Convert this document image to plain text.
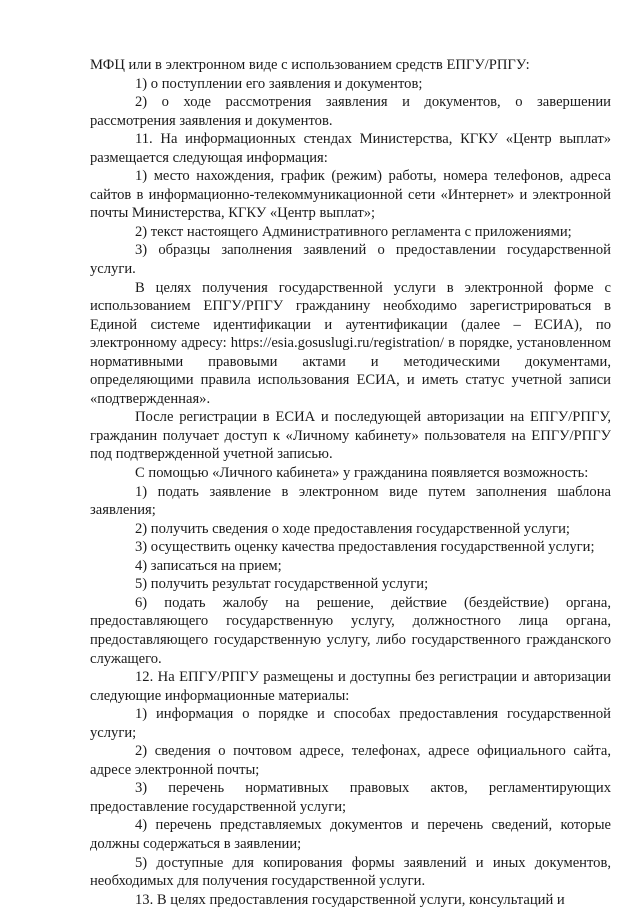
МФЦ или в электронном виде с использованием средств ЕПГУ/РПГУ:

1) о поступлении его заявления и документов;

2) о ходе рассмотрения заявления и документов, о завершении рассмотрения заявления и документов.

11. На информационных стендах Министерства, КГКУ «Центр выплат» размещается следующая информация:

1) место нахождения, график (режим) работы, номера телефонов, адреса сайтов в информационно-телекоммуникационной сети «Интернет» и электронной почты Министерства, КГКУ «Центр выплат»;

2) текст настоящего Административного регламента с приложениями;

3) образцы заполнения заявлений о предоставлении государственной услуги.

В целях получения государственной услуги в электронной форме с использованием ЕПГУ/РПГУ гражданину необходимо зарегистрироваться в Единой системе идентификации и аутентификации (далее – ЕСИА), по электронному адресу: https://esia.gosuslugi.ru/registration/ в порядке, установленном нормативными правовыми актами и методическими документами, определяющими правила использования ЕСИА, и иметь статус учетной записи «подтвержденная».

После регистрации в ЕСИА и последующей авторизации на ЕПГУ/РПГУ, гражданин получает доступ к «Личному кабинету» пользователя на ЕПГУ/РПГУ под подтвержденной учетной записью.

С помощью «Личного кабинета» у гражданина появляется возможность:

1) подать заявление в электронном виде путем заполнения шаблона заявления;

2) получить сведения о ходе предоставления государственной услуги;

3) осуществить оценку качества предоставления государственной услуги;

4) записаться на прием;

5) получить результат государственной услуги;

6) подать жалобу на решение, действие (бездействие) органа, предоставляющего государственную услугу, должностного лица органа, предоставляющего государственную услугу, либо государственного гражданского служащего.

12. На ЕПГУ/РПГУ размещены и доступны без регистрации и авторизации следующие информационные материалы:

1) информация о порядке и способах предоставления государственной услуги;

2) сведения о почтовом адресе, телефонах, адресе официального сайта, адресе электронной почты;

3) перечень нормативных правовых актов, регламентирующих предоставление государственной услуги;

4) перечень представляемых документов и перечень сведений, которые должны содержаться в заявлении;

5) доступные для копирования формы заявлений и иных документов, необходимых для получения государственной услуги.

13. В целях предоставления государственной услуги, консультаций и
